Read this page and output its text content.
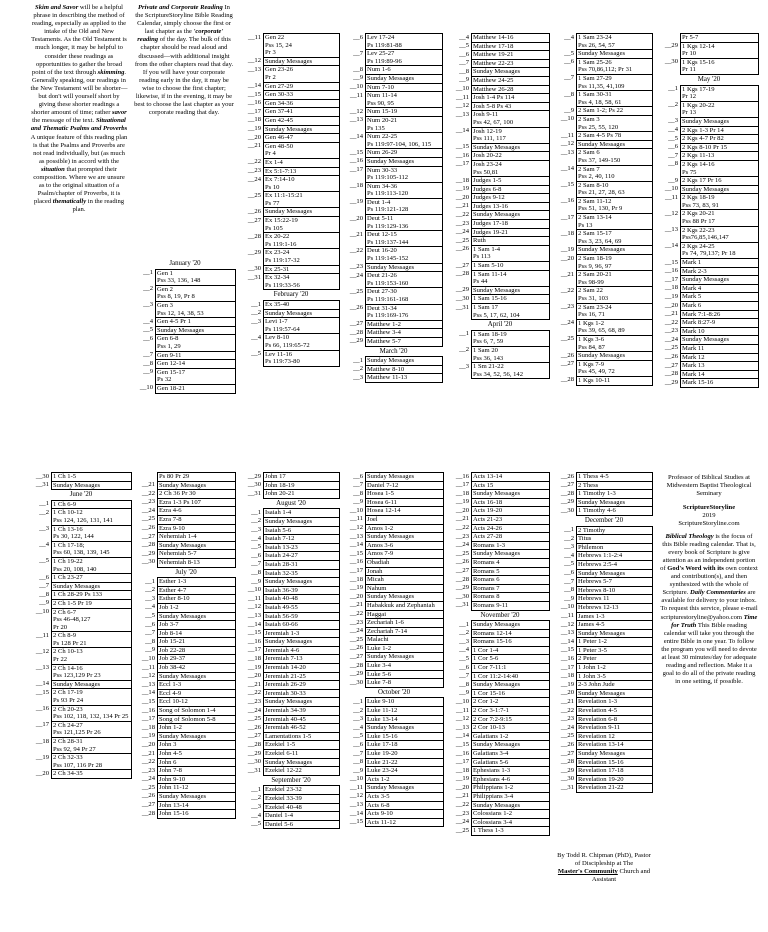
Skim and Savor will be a helpful phrase in describing the method of reading, especially as applied to the intake of the Old and New Testaments. As the Old Testament is much longer, it may be helpful to consider these readings as opportunities to gather the broad point of the text through skimming. Generally speaking, our readings in the New Testament will be shorter—but don't will yourself short by giving these shorter readings a shorter amount of time; rather savor the message of the text. Situational and Thematic Psalms and Proverbs A unique feature of this reading plan is that the Psalms and Proverbs are not read individually, but (as much as possible) in accord with the situation that prompted their composition. Where we are unsure as to the original situation of a Psalm/chapter of Proverbs, it is placed thematically in the reading plan.

Private and Corporate Reading In the ScriptureStoryline Bible Reading Calendar, simply choose the first or last chapter as the 'corporate' reading of the day. The bulk of this chapter should be read aloud and discussed—with additional insight from the other chapters read that day. If you will have your corporate reading early in the day, it may be wise to choose the first chapter; likewise, if in the evening, it may be best to choose the last chapter as your corporate reading that day.

January '20
__1	Gen 1
Pss 33, 136, 148
__2	Gen 2
Pss 8, 19, Pr 8
__3	Gen 3
Pss 12, 14, 38, 53
__4	Gen 4-5 Pr 1
__5	Sunday Messages
__6	Gen 6-8
Pss 1, 29
__7	Gen 9-11
__8	Gen 12-14
__9	Gen 15-17
Ps 32
__10	Gen 18-21
__11	Gen 22
Pss 15, 24
Pr 3
__12	Sunday Messages
__13	Gen 23-26
Pr 2
__14	Gen 27-29
__15	Gen 30-33
__16	Gen 34-36
__17	Gen 37-41
__18	Gen 42-45
__19	Sunday Messages
__20	Gen 46-47
__21	Gen 48-50
Pr 4
__22	Ex 1-4
__23	Ex 5:1-7:13
__24	Ex 7:14-10
Ps 10
__25	Ex 11:1-15:21
Ps 77
__26	Sunday Messages
__27	Ex 15:22-19
Ps 105
__28	Ex 20-22
Ps 119:1-16
__29	Ex 23-24
Ps 119:17-32
__30	Ex 25-31
__31	Ex 32-34
Ps 119:33-56
February '20
__1	Ex 35-40
__2	Sunday Messages
__3	Levi 1-7
Ps 119:57-64
__4	Lev 8-10
Ps 66, 119:65-72
__5	Lev 11-16
Ps 119:73-80
__6	Lev 17-24
Ps 119:81-88
__7	Lev 25-27
Ps 119:89-96
__8	Num 1-6
__9	Sunday Messages
__10	Num 7-10
__11	Num 11-14
Pss 90, 95
__12	Num 15-19
__13	Num 20-21
Ps 135
__14	Num 22-25
Ps 119:97-104, 106, 115
__15	Num 26-29
__16	Sunday Messages
__17	Num 30-33
Ps 119:105-112
__18	Num 34-36
Ps 119:113-120
__19	Deut 1-4
Ps 119:121-128
__20	Deut 5-11
Ps 119:129-136
__21	Deut 12-15
Ps 119:137-144
__22	Deut 16-20
Ps 119:145-152
__23	Sunday Messages
__24	Deut 21-26
Ps 119:153-160
__25	Deut 27-30
Ps 119:161-168
__26	Deut 31-34
Ps 119:169-176
__27	Matthew 1-2
__28	Matthew 3-4
__29	Matthew 5-7
March '20
__1	Sunday Messages
__2	Matthew 8-10
__3	Matthew 11-13
__4	Matthew 14-16
__5	Matthew 17-18
__6	Matthew 19-21
__7	Matthew 22-23
__8	Sunday Messages
__9	Matthew 24-25
__10	Matthew 26-28
__11	Josh 1-4 Ps 114
__12	Josh 5-8 Ps 43
__13	Josh 9-11
Pss 42, 67, 100
__14	Josh 12-19
Pss 111, 117
__15	Sunday Messages
__16	Josh 20-22
__17	Josh 23-24
Pss 50,81
__18	Judges 1-5
__19	Judges 6-8
__20	Judges 9-12
__21	Judges 13-16
__22	Sunday Messages
__23	Judges 17-18
__24	Judges 19-21
__25	Ruth
__26	1 Sam 1-4
Ps 113
__27	1 Sam 5-10
__28	1 Sam 11-14
Ps 44
__29	Sunday Messages
__30	1 Sam 15-16
__31	1 Sam 17
Pss 5, 17, 62, 104
April '20
__1	1 Sam 18-19
Pss 6, 7, 59
__2	1 Sam 20
Pss 36, 143
__3	1 Sm 21-22
Pss 34, 52, 56, 142
__4	1 Sam 23-24
Pss 26, 54, 57
__5	Sunday Messages
__6	1 Sam 25-26
Pss 70,86,112; Pr 31
__7	1 Sam 27-29
Pss 11,35, 41,109
__8	1 Sam 30-31
Pss 4, 18, 58, 61
__9	2 Sam 1-2; Ps 22
__10	2 Sam 3
Pss 25, 55, 120
__11	2 Sam 4-5 Ps 78
__12	Sunday Messages
__13	2 Sam 6
Pss 37, 149-150
__14	2 Sam 7
Pss 2, 40, 110
__15	2 Sam 8-10
Pss 21, 27, 28, 63
__16	2 Sam 11-12
Pss 51, 130, Pr 9
__17	2 Sam 13-14
Ps 13
__18	2 Sam 15-17
Pss 3, 23, 64, 69
__19	Sunday Messages
__20	2 Sam 18-19
Pss 9, 96, 97
__21	2 Sam 20-21
Pss 98-99
__22	2 Sam 22
Pss 31, 103
__23	2 Sam 23-24
Pss 16, 71
__24	1 Kgs 1-2
Pss 39, 65, 68, 89
__25	1 Kgs 3-6
Pss 84, 87
__26	Sunday Messages
__27	1 Kgs 7-9
Pss 45, 49, 72
__28	1 Kgs 10-11
	Pr 5-7
__29	1 Kgs 12-14
Pr 10
__30	1 Kgs 15-16
Pr 11
May '20
__1	1 Kgs 17-19
Pr 12
__2	1 Kgs 20-22
Pr 13
__3	Sunday Messages
__4	2 Kgs 1-3 Pr 14
__5	2 Kgs 4-7 Pr 82
__6	2 Kgs 8-10 Pr 15
__7	2 Kgs 11-13
__8	2 Kgs 14-16
Ps 75
__9	2 Kgs 17 Pr 16
__10	Sunday Messages
__11	2 Kgs 18-19
Pss 73, 83, 91
__12	2 Kgs 20-21
Pss 88 Pr 17
__13	2 Kgs 22-23
Pss76,85,146,147
__14	2 Kgs 24-25
Ps 74, 79,137; Pr 18
__15	Mark 1
__16	Mark 2-3
__17	Sunday Messages
__18	Mark 4
__19	Mark 5
__20	Mark 6
__21	Mark 7:1-8:26
__22	Mark 8:27-9
__23	Mark 10
__24	Sunday Messages
__25	Mark 11
__26	Mark 12
__27	Mark 13
__28	Mark 14
__29	Mark 15-16
__30	1 Ch 1-5
__31	Sunday Messages
June '20
__1	1 Ch 6-9
__2	1 Ch 10-12
Pss 124, 126, 131, 141
__3	1 Ch 13-16
Ps 30, 122, 144
__4	1 Ch 17-18;
Pss 60, 138, 139, 145
__5	1 Ch 19-22
Pss 20, 108, 140
__6	1 Ch 23-27
__7	Sunday Messages
__8	1 Ch 28-29 Ps 133
__9	2 Ch 1-5 Pr 19
__10	2 Ch 6-7
Pss 46-48,127
Pr 20
__11	2 Ch 8-9
Ps 128 Pr 21
__12	2 Ch 10-13
Pr 22
__13	2 Ch 14-16
Pss 123,129 Pr 23
__14	Sunday Messages
__15	2 Ch 17-19
Ps 93 Pr 24
__16	2 Ch 20-23
Pss 102, 118, 132, 134 Pr 25
__17	2 Ch 24-27
Pss 121,125 Pr 26
__18	2 Ch 28-31
Pss 92, 94 Pr 27
__19	2 Ch 32-33
Pss 107, 116 Pr 28
__20	2 Ch 34-35
	Ps 80 Pr 29
__21	Sunday Messages
__22	2 Ch 36 Pr 30
__23	Ezra 1-3 Ps 107
__24	Ezra 4-6
__25	Ezra 7-8
__26	Ezra 9-10
__27	Nehemiah 1-4
__28	Sunday Messages
__29	Nehemiah 5-7
__30	Nehemiah 8-13
July '20
__1	Esther 1-3
__2	Esther 4-7
__3	Esther 8-10
__4	Job 1-2
__5	Sunday Messages
__6	Job 3-7
__7	Job 8-14
__8	Job 15-21
__9	Job 22-28
__10	Job 29-37
__11	Job 38-42
__12	Sunday Messages
__13	Eccl 1-3
__14	Eccl 4-9
__15	Eccl 10-12
__16	Song of Solomon 1-4
__17	Song of Solomon 5-8
__18	John 1-2
__19	Sunday Messages
__20	John 3
__21	John 4-5
__22	John 6
__23	John 7-8
__24	John 9-10
__25	John 11-12
__26	Sunday Messages
__27	John 13-14
__28	John 15-16
__29	John 17
__30	John 18-19
__31	John 20-21
August '20
__1	Isaiah 1-4
__2	Sunday Messages
__3	Isaiah 5-6
__4	Isaiah 7-12
__5	Isaiah 13-23
__6	Isaiah 24-27
__7	Isaiah 28-31
__8	Isaiah 32-35
__9	Sunday Messages
__10	Isaiah 36-39
__11	Isaiah 40-48
__12	Isaiah 49-55
__13	Isaiah 56-59
__14	Isaiah 60-66
__15	Jeremiah 1-3
__16	Sunday Messages
__17	Jeremiah 4-6
__18	Jeremiah 7-13
__19	Jeremiah 14-20
__20	Jeremiah 21-25
__21	Jeremiah 26-29
__22	Jeremiah 30-33
__23	Sunday Messages
__24	Jeremiah 34-39
__25	Jeremiah 40-45
__26	Jeremiah 46-52
__27	Lamentations 1-5
__28	Ezekiel 1-5
__29	Ezekiel 6-11
__30	Sunday Messages
__31	Ezekiel 12-22
September '20
__1	Ezekiel 23-32
__2	Ezekiel 33-39
__3	Ezekiel 40-48
__4	Daniel 1-4
__5	Daniel 5-6
__6	Sunday Messages
__7	Daniel 7-12
__8	Hosea 1-5
__9	Hosea 6-11
__10	Hosea 12-14
__11	Joel
__12	Amos 1-2
__13	Sunday Messages
__14	Amos 3-6
__15	Amos 7-9
__16	Obadiah
__17	Jonah
__18	Micah
__19	Nahum
__20	Sunday Messages
__21	Habakkuk and Zephaniah
__22	Haggai
__23	Zechariah 1-6
__24	Zechariah 7-14
__25	Malachi
__26	Luke 1-2
__27	Sunday Messages
__28	Luke 3-4
__29	Luke 5-6
__30	Luke 7-8
October '20
__1	Luke 9-10
__2	Luke 11-12
__3	Luke 13-14
__4	Sunday Messages
__5	Luke 15-16
__6	Luke 17-18
__7	Luke 19-20
__8	Luke 21-22
__9	Luke 23-24
__10	Acts 1-2
__11	Sunday Messages
__12	Acts 3-5
__13	Acts 6-8
__14	Acts 9-10
__15	Acts 11-12
__16	Acts 13-14
__17	Acts 15
__18	Sunday Messages
__19	Acts 16-18
__20	Acts 19-20
__21	Acts 21-23
__22	Acts 24-26
__23	Acts 27-28
__24	Romans 1-3
__25	Sunday Messages
__26	Romans 4
__27	Romans 5
__28	Romans 6
__29	Romans 7
__30	Romans 8
__31	Romans 9-11
November '20
__1	Sunday Messages
__2	Romans 12-14
__3	Romans 15-16
__4	1 Cor 1-4
__5	1 Cor 5-6
__6	1 Cor 7-11:1
__7	1 Cor 11:2-14:40
__8	Sunday Messages
__9	1 Cor 15-16
__10	2 Cor 1-2
__11	2 Cor 3-1:7-1
__12	2 Cor 7:2-9:15
__13	2 Cor 10-13
__14	Galatians 1-2
__15	Sunday Messages
__16	Galatians 3-4
__17	Galatians 5-6
__18	Ephesians 1-3
__19	Ephesians 4-6
__20	Philippians 1-2
__21	Philippians 3-4
__22	Sunday Messages
__23	Colossians 1-2
__24	Colossians 3-4
__25	1 Thess 1-3
__26	1 Thess 4-5
__27	2 Thess
__28	1 Timothy 1-3
__29	Sunday Messages
__30	1 Timothy 4-6
December '20
__1	2 Timothy
__2	Titus
__3	Philemon
__4	Hebrews 1:1-2:4
__5	Hebrews 2:5-4
__6	Sunday Messages
__7	Hebrews 5-7
__8	Hebrews 8-10
__9	Hebrews 11
__10	Hebrews 12-13
__11	James 1-3
__12	James 4-5
__13	Sunday Messages
__14	1 Peter 1-2
__15	1 Peter 3-5
__16	2 Peter
__17	1 John 1-2
__18	1 John 3-5
__19	2-3 John Jude
__20	Sunday Messages
__21	Revelation 1-3
__22	Revelation 4-5
__23	Revelation 6-8
__24	Revelation 9-11
__25	Revelation 12
__26	Revelation 13-14
__27	Sunday Messages
__28	Revelation 15-16
__29	Revelation 17-18
__30	Revelation 19-20
__31	Revelation 21-22
By Todd R. Chipman (PhD), Pastor of Discipleship at The
Master's Community Church and Assistant

Professor of Biblical Studies at Midwestern Baptist Theological Seminary

ScriptureStoryline

2019

ScriptureStoryline.com

Biblical Theology is the focus of this Bible reading calendar. That is, every book of Scripture is give attention as an independent portion of God's Word with its own context and contribution(s), and then synthesized with the whole of Scripture. Daily Commentaries are available for delivery to your inbox. To request this service, please e-mail scripturestoryline@yahoo.com Time for Truth This Bible reading calendar will take you through the entire Bible in one year. To follow the program you will need to devote at least 30 minutes/day for adequate reading and reflection. Make it a goal to do all of the private reading in one setting, if possible.
